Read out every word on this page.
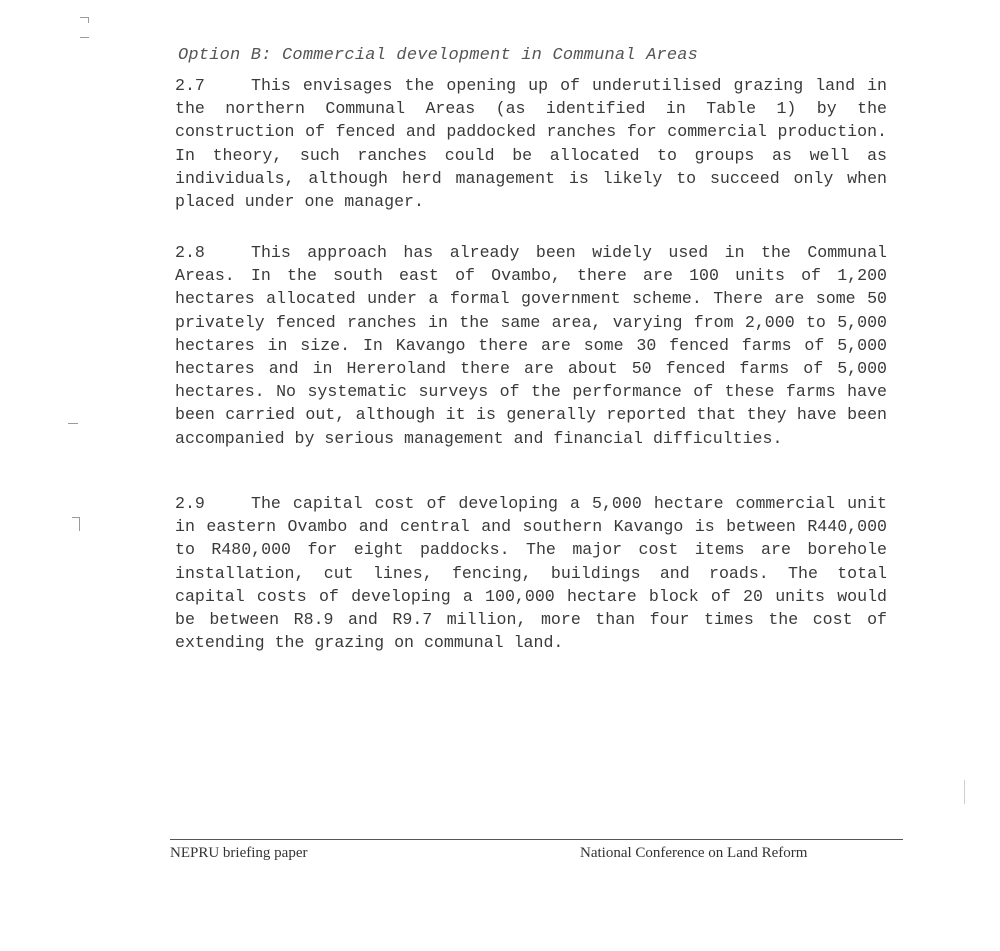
Option B: Commercial development in Communal Areas
2.7	This envisages the opening up of underutilised grazing land in the northern Communal Areas (as identified in Table 1) by the construction of fenced and paddocked ranches for commercial production. In theory, such ranches could be allocated to groups as well as individuals, although herd management is likely to succeed only when placed under one manager.
2.8	This approach has already been widely used in the Communal Areas. In the south east of Ovambo, there are 100 units of 1,200 hectares allocated under a formal government scheme. There are some 50 privately fenced ranches in the same area, varying from 2,000 to 5,000 hectares in size. In Kavango there are some 30 fenced farms of 5,000 hectares and in Hereroland there are about 50 fenced farms of 5,000 hectares. No systematic surveys of the performance of these farms have been carried out, although it is generally reported that they have been accompanied by serious management and financial difficulties.
2.9	The capital cost of developing a 5,000 hectare commercial unit in eastern Ovambo and central and southern Kavango is between R440,000 to R480,000 for eight paddocks. The major cost items are borehole installation, cut lines, fencing, buildings and roads. The total capital costs of developing a 100,000 hectare block of 20 units would be between R8.9 and R9.7 million, more than four times the cost of extending the grazing on communal land.
NEPRU briefing paper	National Conference on Land Reform
